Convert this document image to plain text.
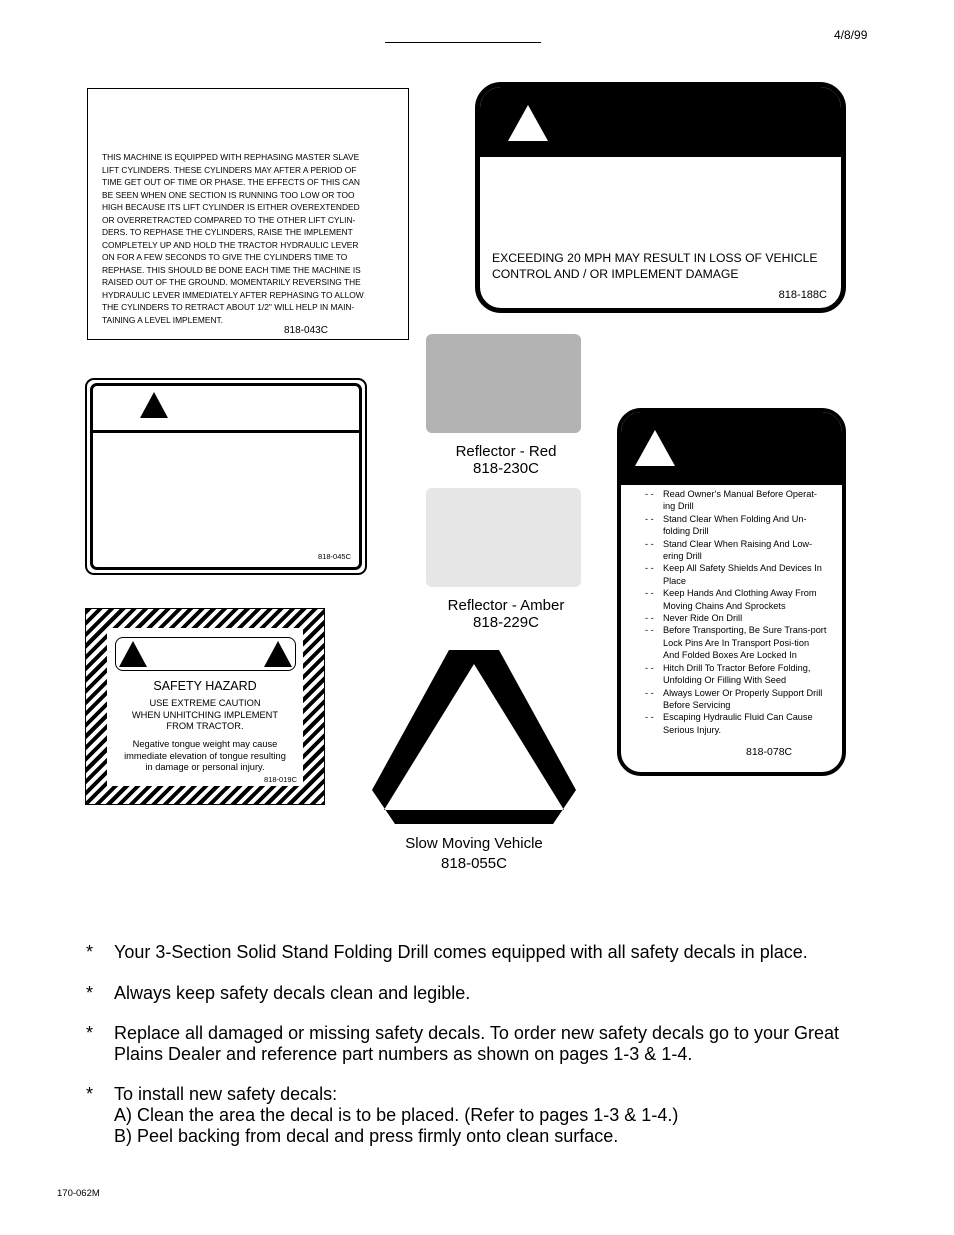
4/8/99
THIS MACHINE IS EQUIPPED WITH REPHASING MASTER SLAVE
LIFT CYLINDERS. THESE CYLINDERS MAY AFTER A PERIOD OF
TIME GET OUT OF TIME OR PHASE. THE EFFECTS OF THIS CAN
BE SEEN WHEN ONE SECTION IS RUNNING TOO LOW OR TOO
HIGH BECAUSE ITS LIFT CYLINDER IS EITHER OVEREXTENDED
OR OVERRETRACTED COMPARED TO THE OTHER LIFT CYLIN-
DERS. TO REPHASE THE CYLINDERS, RAISE THE IMPLEMENT
COMPLETELY UP AND HOLD THE TRACTOR HYDRAULIC LEVER
ON FOR A FEW SECONDS TO GIVE THE CYLINDERS TIME TO
REPHASE. THIS SHOULD BE DONE EACH TIME THE MACHINE IS
RAISED OUT OF THE GROUND. MOMENTARILY REVERSING THE
HYDRAULIC LEVER IMMEDIATELY AFTER REPHASING TO ALLOW
THE CYLINDERS TO RETRACT ABOUT 1/2" WILL HELP IN MAIN-
TAINING A LEVEL IMPLEMENT.
818-043C
EXCEEDING 20 MPH MAY RESULT IN LOSS OF VEHICLE
CONTROL AND / OR IMPLEMENT DAMAGE
818-188C
818-045C
Reflector - Red
818-230C
Reflector - Amber
818-229C
- - Read Owner's Manual Before Operat-ing Drill
- - Stand Clear When Folding And Un-folding Drill
- - Stand Clear When Raising And Low-ering Drill
- - Keep All Safety Shields And Devices In Place
- - Keep Hands And Clothing Away From Moving Chains And Sprockets
- - Never Ride On Drill
- - Before Transporting, Be Sure Trans-port Lock Pins Are In Transport Posi-tion And Folded Boxes Are Locked In
- - Hitch Drill To Tractor Before Folding, Unfolding Or Filling With Seed
- - Always Lower Or Properly Support Drill Before Servicing
- - Escaping Hydraulic Fluid Can Cause Serious Injury.
818-078C
SAFETY HAZARD
USE EXTREME CAUTION
WHEN UNHITCHING IMPLEMENT
FROM TRACTOR.
Negative tongue weight may cause
immediate elevation of tongue resulting
in damage or personal injury.
818-019C
Slow Moving Vehicle
818-055C
* Your 3-Section Solid Stand Folding Drill comes equipped with all safety decals in place.
* Always keep safety decals clean and legible.
* Replace all damaged or missing safety decals. To order new safety decals go to your Great
Plains Dealer and reference part numbers as shown on pages 1-3 & 1-4.
* To install new safety decals:
A) Clean the area the decal is to be placed. (Refer to pages 1-3 & 1-4.)
B) Peel backing from decal and press firmly onto clean surface.
170-062M
